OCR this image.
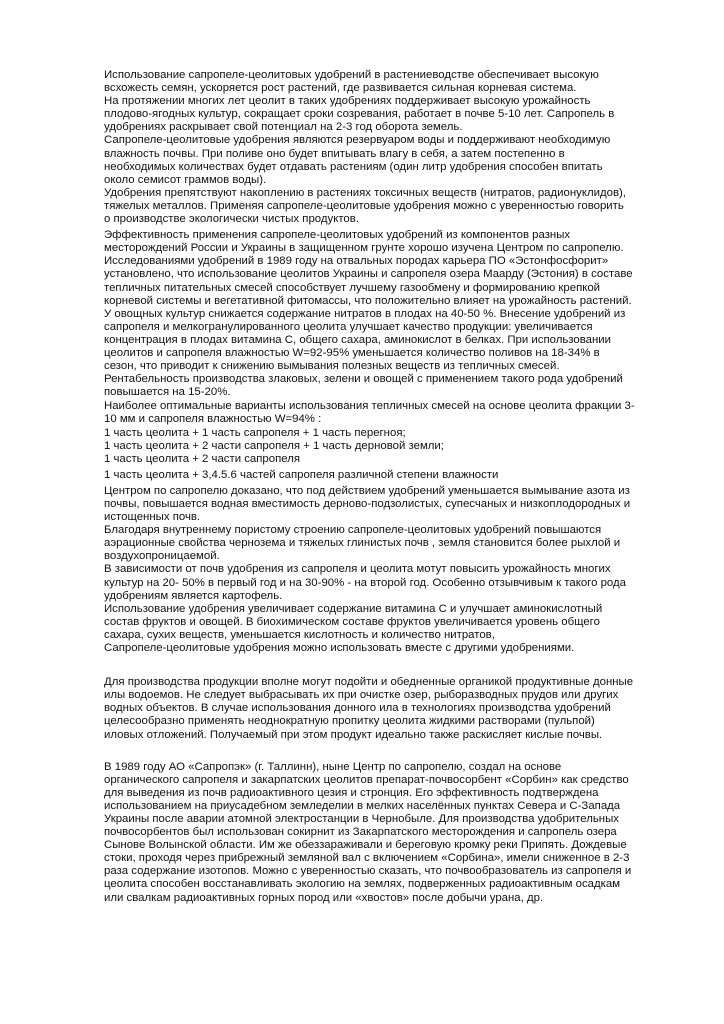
Использование сапропеле-цеолитовых удобрений в растениеводстве обеспечивает высокую
всхожесть семян, ускоряется рост растений, где развивается сильная корневая система.
На протяжении многих лет цеолит в таких удобрениях поддерживает высокую урожайность
плодово-ягодных культур, сокращает сроки созревания, работает в почве 5-10 лет. Сапропель в
удобрениях раскрывает свой потенциал на 2-3 год оборота земель.
Сапропеле-цеолитовые удобрения являются резервуаром воды и поддерживают необходимую
влажность почвы. При поливе оно будет впитывать влагу в себя, а затем постепенно в
необходимых количествах будет отдавать растениям (один литр удобрения способен впитать
около семисот граммов воды).
Удобрения препятствуют накоплению в растениях токсичных веществ (нитратов, радионуклидов),
тяжелых металлов. Применяя сапропеле-цеолитовые удобрения можно с уверенностью говорить
о производстве экологически чистых продуктов.
Эффективность применения сапропеле-цеолитовых удобрений из компонентов разных
месторождений России и Украины в защищенном грунте хорошо изучена Центром по сапропелю.
Исследованиями удобрений в 1989 году на отвальных породах карьера ПО «Эстонфосфорит»
установлено, что использование цеолитов Украины и сапропеля озера Маарду (Эстония) в составе
тепличных питательных смесей способствует лучшему газообмену и формированию крепкой
корневой системы и вегетативной фитомассы, что положительно влияет на урожайность растений.
У овощных культур снижается содержание нитратов в плодах на 40-50 %. Внесение удобрений из
сапропеля и мелкогранулированного цеолита улучшает качество продукции: увеличивается
концентрация в плодах витамина С, общего сахара, аминокислот в белках. При использовании
цеолитов и сапропеля влажностью W=92-95% уменьшается количество поливов на 18-34% в
сезон, что приводит к снижению вымывания полезных веществ из тепличных смесей.
Рентабельность производства злаковых, зелени и овощей с применением такого рода удобрений
повышается на 15-20%.
Наиболее оптимальные варианты использования тепличных смесей на основе цеолита фракции 3-
10 мм и сапропеля влажностью W=94% :
1 часть цеолита + 1 часть сапропеля + 1 часть перегноя;
1 часть цеолита + 2 части сапропеля + 1 часть дерновой земли;
1 часть цеолита + 2 части сапропеля
1 часть цеолита + 3,4.5.6 частей сапропеля различной степени влажности
Центром по сапропелю доказано, что под действием удобрений уменьшается вымывание азота из
почвы, повышается водная вместимость дерново-подзолистых, супесчаных и низкоплодородных и
истощенных почв.
Благодаря внутреннему пористому строению сапропеле-цеолитовых удобрений повышаются
аэрационные свойства чернозема и тяжелых глинистых почв , земля становится более рыхлой и
воздухопроницаемой.
В зависимости от почв удобрения из сапропеля и цеолита мотут повысить урожайность многих
культур на 20- 50% в первый год и на 30-90% - на второй год. Особенно отзывчивым к такого рода
удобрениям является картофель.
Использование удобрения увеличивает содержание витамина С и улучшает аминокислотный
состав фруктов и овощей. В биохимическом составе фруктов увеличивается уровень общего
сахара, сухих веществ, уменьшается кислотность и количество нитратов,
Сапропеле-цеолитовые удобрения можно использовать вместе с другими удобрениями.
Для производства продукции вполне могут подойти и обедненные органикой продуктивные донные
илы водоемов. Не следует выбрасывать их при очистке озер, рыборазводных прудов или других
водных объектов. В случае использования донного ила в технологиях производства удобрений
целесообразно применять неоднократную пропитку цеолита жидкими растворами (пульпой)
иловых отложений. Получаемый при этом продукт идеально также раскисляет кислые почвы.
В 1989 году АО «Сапропэк» (г. Таллинн), ныне Центр по сапропелю, создал на основе
органического сапропеля и закарпатских цеолитов препарат-почвосорбент «Сорбин» как средство
для выведения из почв радиоактивного цезия и стронция. Его эффективность подтверждена
использованием на приусадебном земледелии в мелких населённых пунктах Севера и С-Запада
Украины после аварии атомной электростанции в Чернобыле. Для производства удобрительных
почвосорбентов был использован сокирнит из Закарпатского месторождения и сапропель озера
Сынове Волынской области. Им же обеззараживали и береговую кромку реки Припять. Дождевые
стоки, проходя через прибрежный земляной вал с включением «Сорбина», имели сниженное в 2-3
раза содержание изотопов. Можно с уверенностью сказать, что почвообразователь из сапропеля и
цеолита способен восстанавливать экологию на землях, подверженных радиоактивным осадкам
или свалкам радиоактивных горных пород или «хвостов» после добычи урана, др.
